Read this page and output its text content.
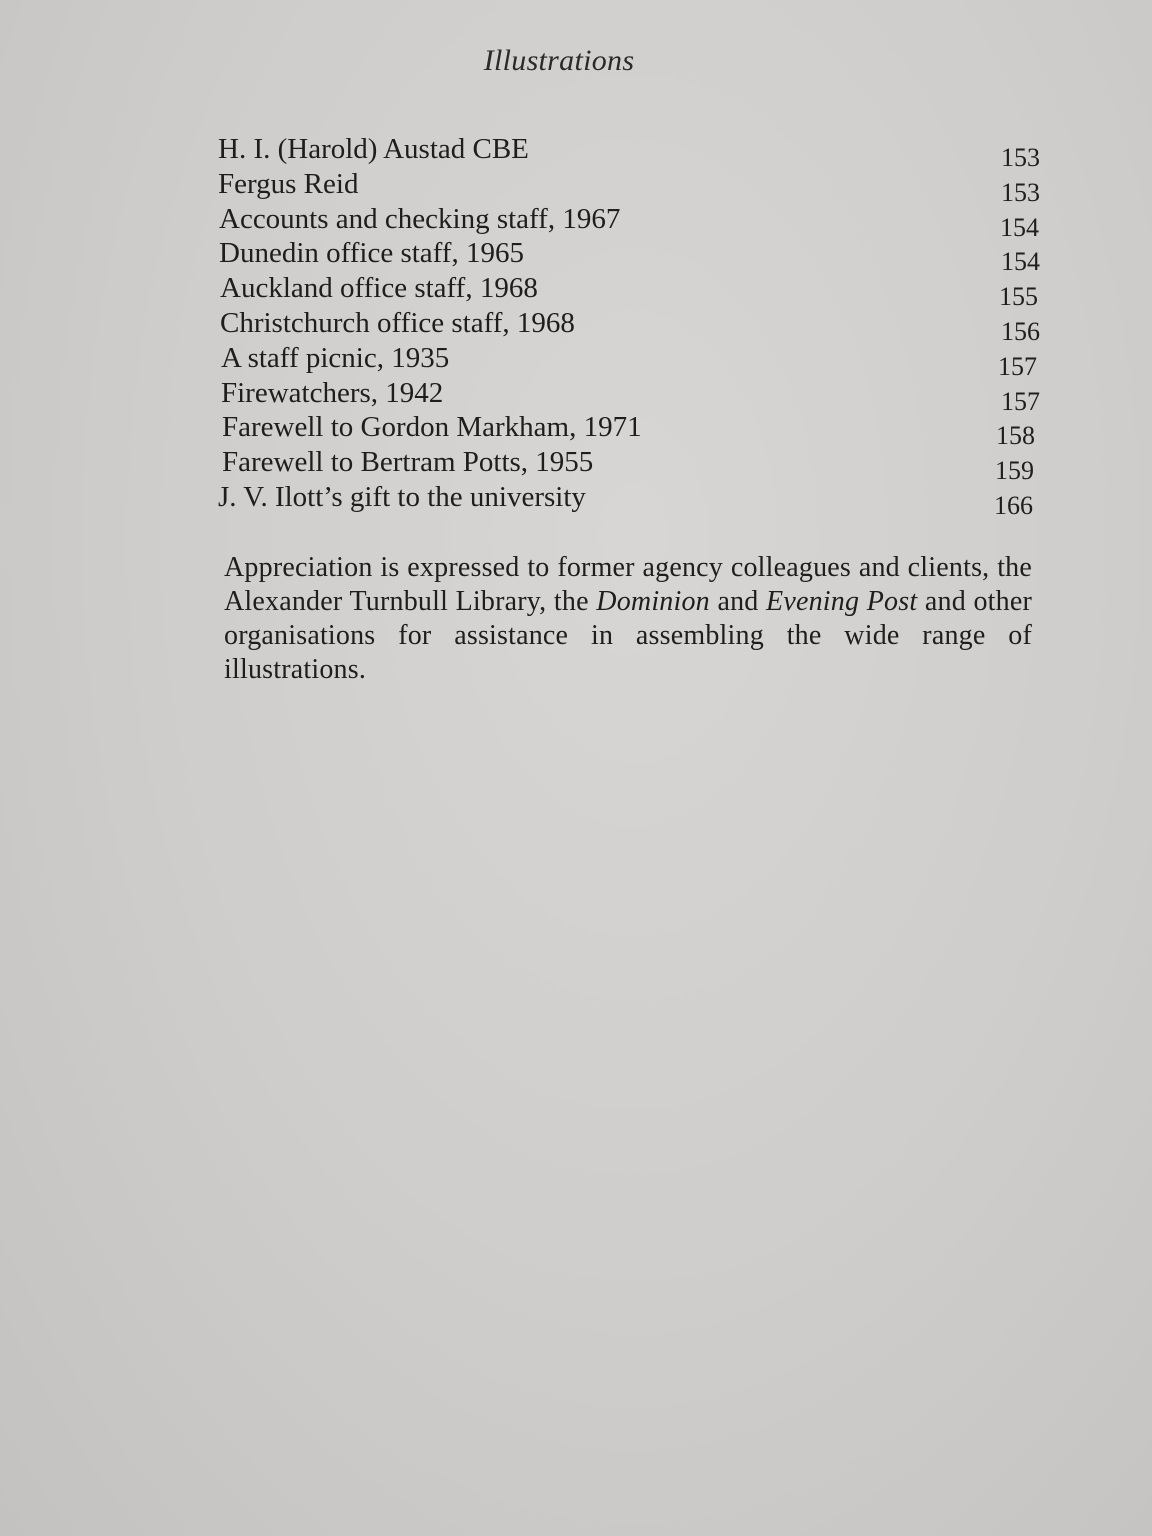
Illustrations
H. I. (Harold) Austad CBE	153
Fergus Reid	153
Accounts and checking staff, 1967	154
Dunedin office staff, 1965	154
Auckland office staff, 1968	155
Christchurch office staff, 1968	156
A staff picnic, 1935	157
Firewatchers, 1942	157
Farewell to Gordon Markham, 1971	158
Farewell to Bertram Potts, 1955	159
J. V. Ilott’s gift to the university	166

Appreciation is expressed to former agency colleagues and clients, the Alexander Turnbull Library, the Dominion and Evening Post and other organisations for assistance in assembling the wide range of illustrations.
